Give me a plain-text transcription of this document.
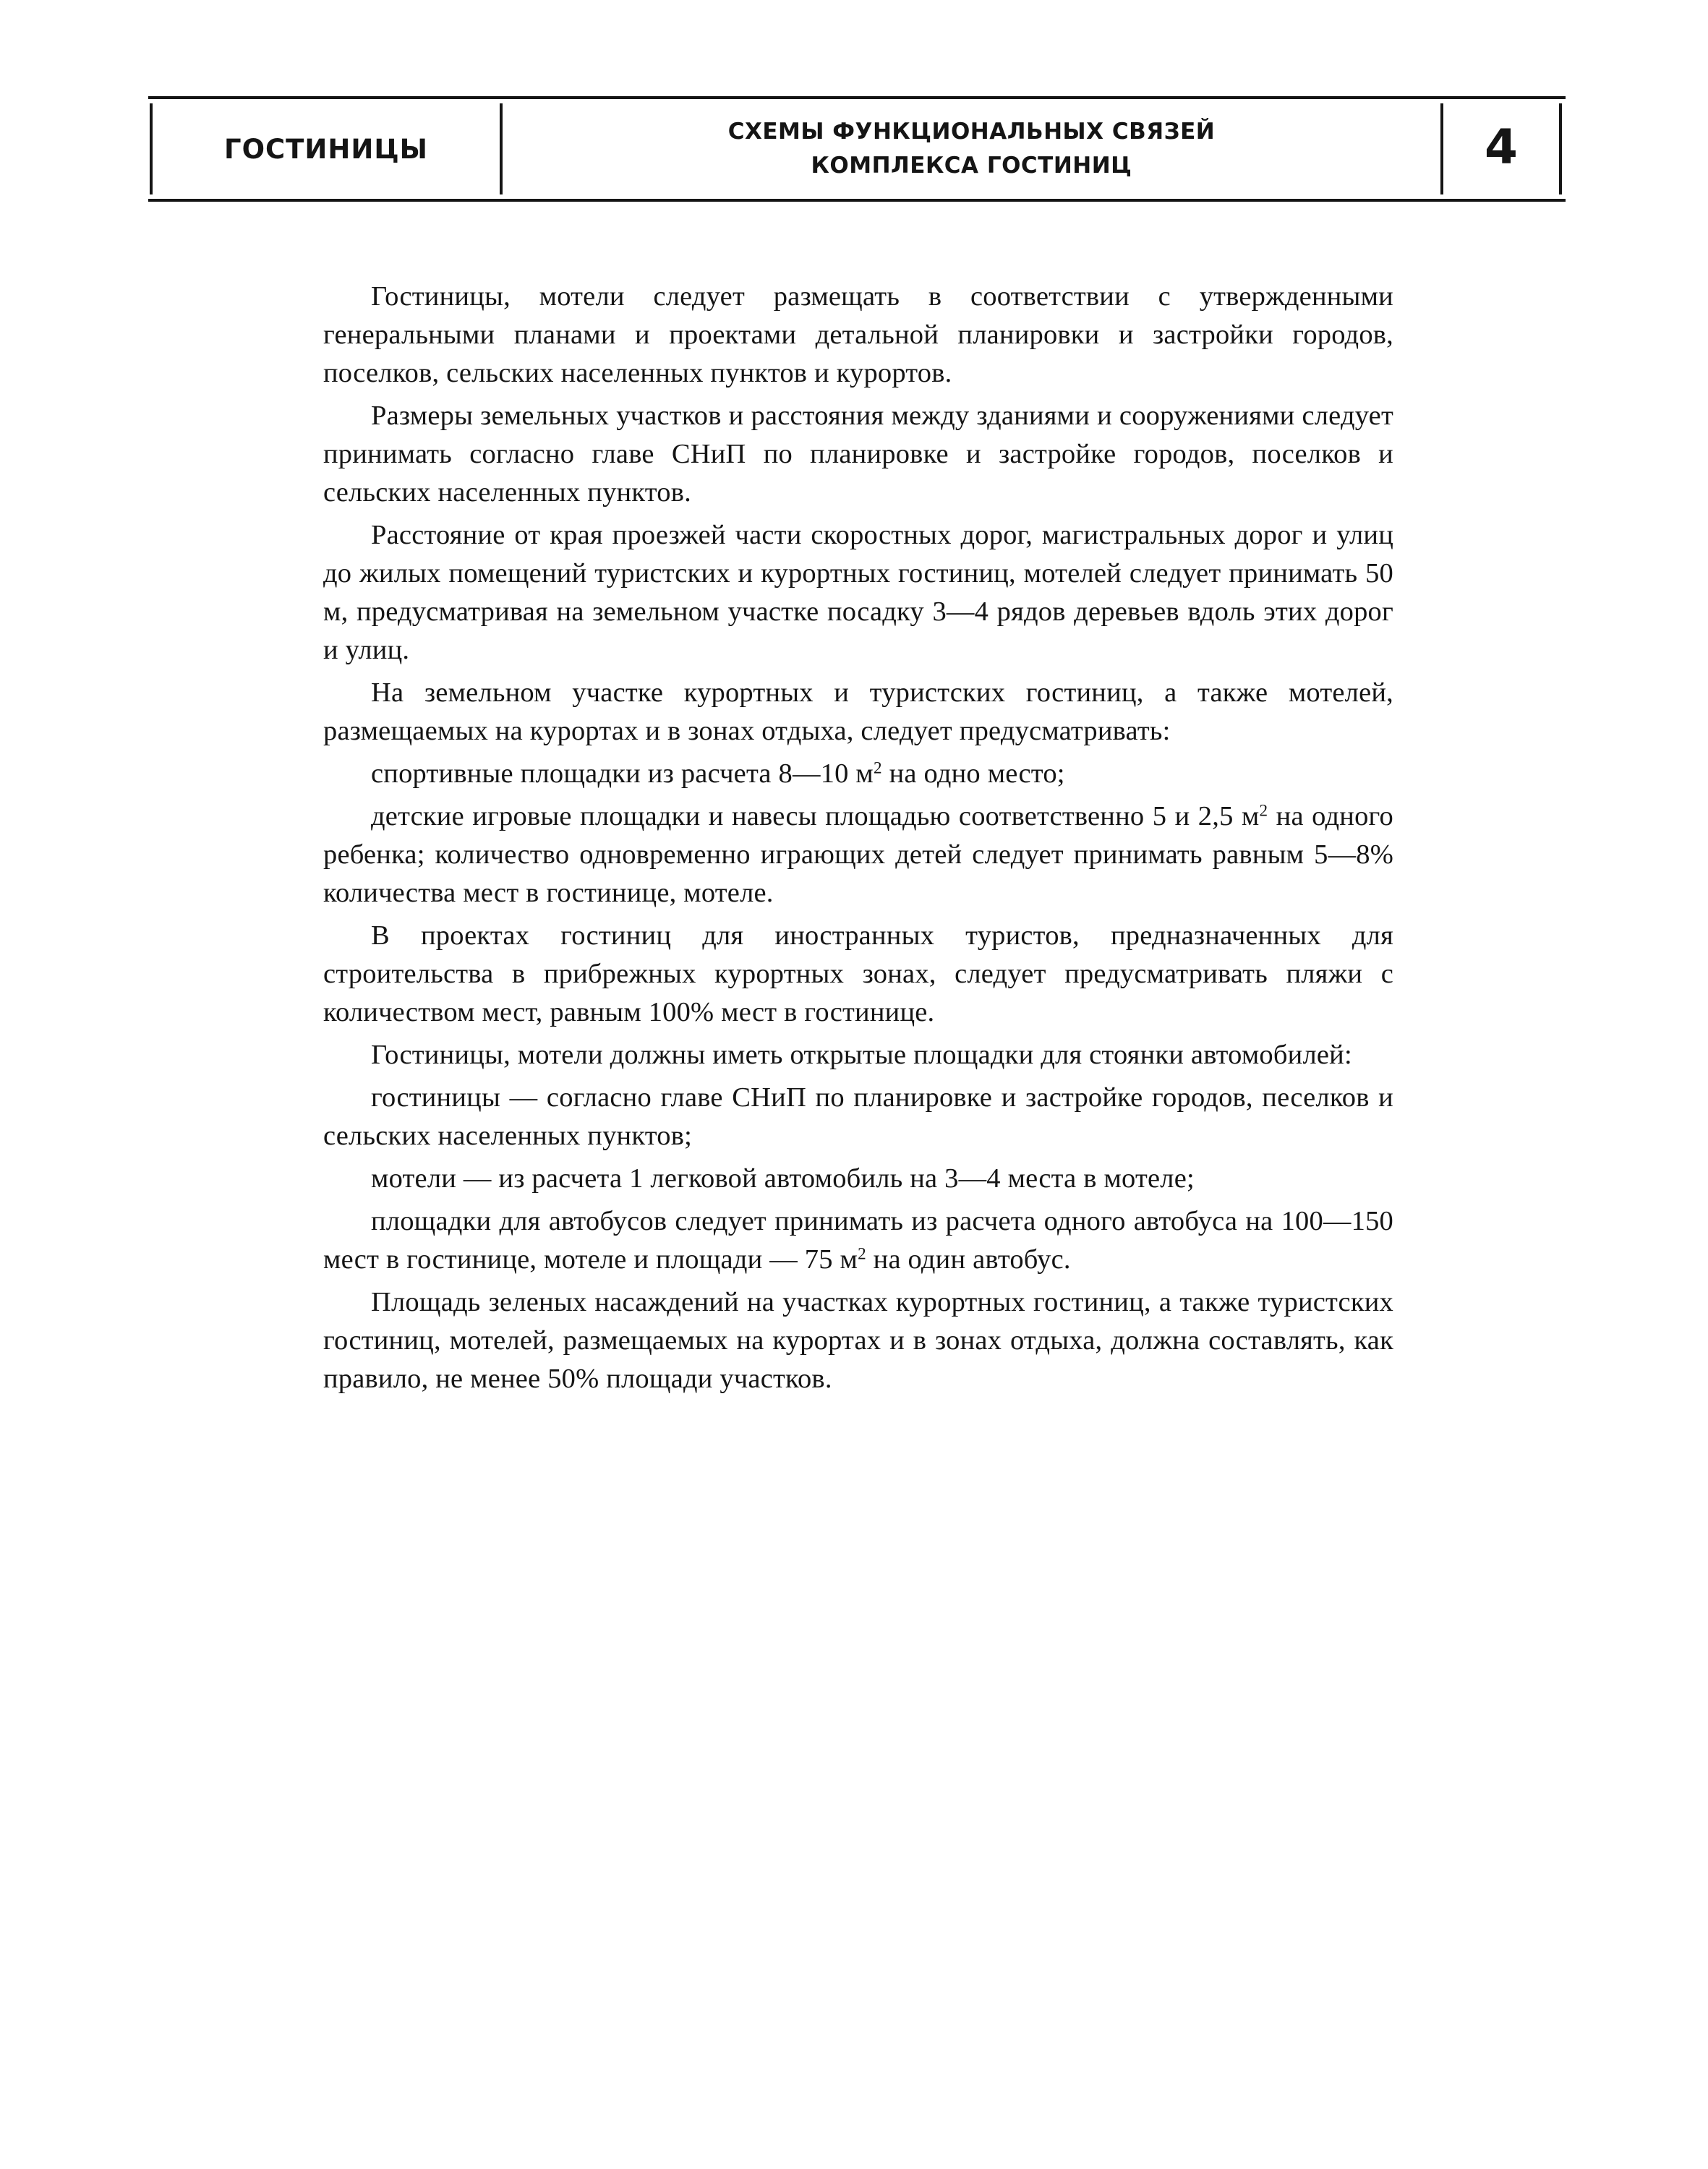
ГОСТИНИЦЫ
СХЕМЫ ФУНКЦИОНАЛЬНЫХ СВЯЗЕЙ
КОМПЛЕКСА ГОСТИНИЦ	4

Гостиницы, мотели следует размещать в соответствии с утвержденными генеральными планами и проектами детальной планировки и застройки городов, поселков, сельских населенных пунктов и курортов.

Размеры земельных участков и расстояния между зданиями и сооружениями следует принимать согласно главе СНиП по планировке и застройке городов, поселков и сельских населенных пунктов.

Расстояние от края проезжей части скоростных дорог, магистральных дорог и улиц до жилых помещений туристских и курортных гостиниц, мотелей следует принимать 50 м, предусматривая на земельном участке посадку 3—4 рядов деревьев вдоль этих дорог и улиц.

На земельном участке курортных и туристских гостиниц, а также мотелей, размещаемых на курортах и в зонах отдыха, следует предусматривать:

спортивные площадки из расчета 8—10 $м^2$ на одно место;

детские игровые площадки и навесы площадью соответственно 5 и 2,5 $м^2$ на одного ребенка; количество одновременно играющих детей следует принимать равным 5—8% количества мест в гостинице, мотеле.

В проектах гостиниц для иностранных туристов, предназначенных для строительства в прибрежных курортных зонах, следует предусматривать пляжи с количеством мест, равным 100% мест в гостинице.

Гостиницы, мотели должны иметь открытые площадки для стоянки автомобилей:

гостиницы — согласно главе СНиП по планировке и застройке городов, песелков и сельских населенных пунктов;

мотели — из расчета 1 легковой автомобиль на 3—4 места в мотеле;

площадки для автобусов следует принимать из расчета одного автобуса на 100—150 мест в гостинице, мотеле и площади — 75 $м^2$ на один автобус.

Площадь зеленых насаждений на участках курортных гостиниц, а также туристских гостиниц, мотелей, размещаемых на курортах и в зонах отдыха, должна составлять, как правило, не менее 50% площади участков.
